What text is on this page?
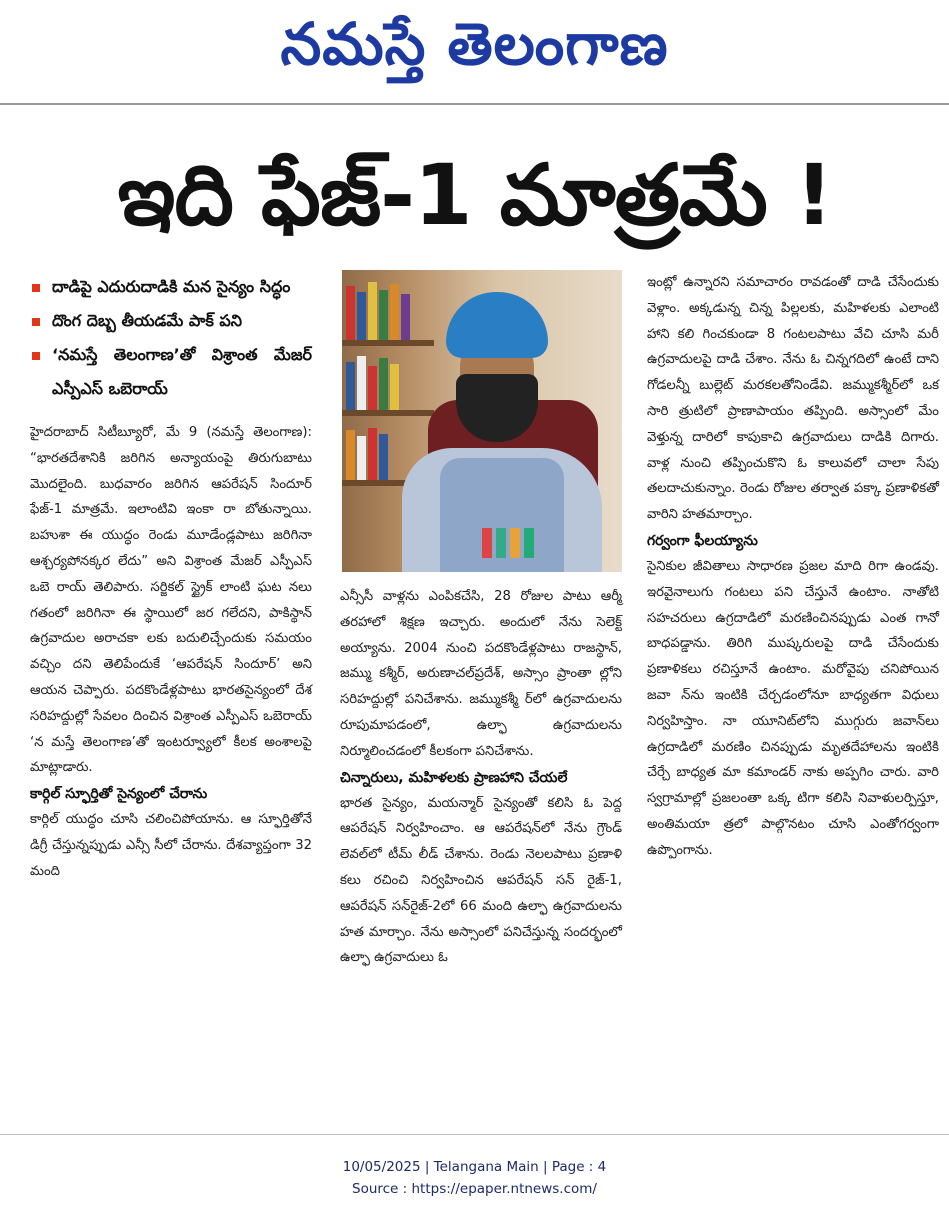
నమస్తే తెలంగాణ
ఇది ఫేజ్-1 మాత్రమే !
దాడిపై ఎదురుదాడికి మన సైన్యం సిద్ధం
దొంగ దెబ్బ తీయడమే పాక్ పని
‘నమస్తే తెలంగాణ’తో విశ్రాంత మేజర్ ఎస్పీఎస్ ఒబెరాయ్

హైదరాబాద్ సిటీబ్యూరో, మే 9 (నమస్తే తెలంగాణ): “భారతదేశానికి జరిగిన అన్యాయంపై తిరుగుబాటు మొదలైంది. బుధవారం జరిగిన ఆపరేషన్ సిందూర్ ఫేజ్-1 మాత్రమే. ఇలాంటివి ఇంకా రా బోతున్నాయి. బహుశా ఈ యుద్ధం రెండు మూడేండ్లపాటు జరిగినా ఆశ్చర్యపోనక్కర లేదు” అని విశ్రాంత మేజర్ ఎస్పీఎస్ ఒబె రాయ్ తెలిపారు. సర్జికల్ స్ట్రైక్ లాంటి ఘట నలు గతంలో జరిగినా ఈ స్థాయిలో జర గలేదని, పాకిస్థాన్ ఉగ్రవాదుల అరాచకా లకు బదులిచ్చేందుకు సమయం వచ్చిం దని తెలిపేందుకే ‘ఆపరేషన్ సిందూర్’ అని ఆయన చెప్పారు. పదకొండేళ్లపాటు భారతసైన్యంలో దేశ సరిహద్దుల్లో సేవలం దించిన విశ్రాంత ఎస్పీఎస్ ఒబెరాయ్ ‘న మస్తే తెలంగాణ’తో ఇంటర్వ్యూలో కీలక అంశాలపై మాట్లాడారు.

కార్గిల్ స్ఫూర్తితో సైన్యంలో చేరాను

కార్గిల్ యుద్ధం చూసి చలించిపోయాను. ఆ స్ఫూర్తితోనే డిగ్రీ చేస్తున్నప్పుడు ఎన్సీ సీలో చేరాను. దేశవ్యాప్తంగా 32 మంది

ఎన్సీసీ వాళ్లను ఎంపికచేసి, 28 రోజుల పాటు ఆర్మీ తరహాలో శిక్షణ ఇచ్చారు. అందులో నేను సెలెక్ట్ అయ్యాను. 2004 నుంచి పదకొండేళ్లపాటు రాజస్థాన్, జమ్ము కశ్మీర్, అరుణాచల్‌ప్రదేశ్, అస్సాం ప్రాంతా ల్లోని సరిహద్దుల్లో పనిచేశాను. జమ్ముకశ్మీ ర్‌లో ఉగ్రవాదులను రూపుమాపడంలో, ఉల్ఫా ఉగ్రవాదులను నిర్మూలించడంలో కీలకంగా పనిచేశాను.

చిన్నారులు, మహిళలకు ప్రాణహాని చేయలే

భారత సైన్యం, మయన్మార్ సైన్యంతో కలిసి ఓ పెద్ద ఆపరేషన్ నిర్వహించాం. ఆ ఆపరేషన్‌లో నేను గ్రౌండ్ లెవల్‌లో టీమ్ లీడ్ చేశాను. రెండు నెలలపాటు ప్రణాళి కలు రచించి నిర్వహించిన ఆపరేషన్ సన్ రైజ్-1, ఆపరేషన్ సన్‌రైజ్-2లో 66 మంది ఉల్ఫా ఉగ్రవాదులను హత మార్చాం. నేను అస్సాంలో పనిచేస్తున్న సందర్భంలో ఉల్ఫా ఉగ్రవాదులు ఓ

ఇంట్లో ఉన్నారని సమాచారం రావడంతో దాడి చేసేందుకు వెళ్లాం. అక్కడున్న చిన్న పిల్లలకు, మహిళలకు ఎలాంటి హాని కలి గించకుండా 8 గంటలపాటు వేచి చూసి మరీ ఉగ్రవాదులపై దాడి చేశాం. నేను ఓ చిన్నగదిలో ఉంటే దాని గోడలన్నీ బుల్లెట్ మరకలతోనిండేవి. జమ్ముకశ్మీర్‌లో ఒక సారి త్రుటిలో ప్రాణాపాయం తప్పింది. అస్సాంలో మేం వెళ్తున్న దారిలో కాపుకాచి ఉగ్రవాదులు దాడికి దిగారు. వాళ్ల నుంచి తప్పించుకొని ఓ కాలువలో చాలా సేపు తలదాచుకున్నాం. రెండు రోజుల తర్వాత పక్కా ప్రణాళికతో వారిని హతమార్చాం.

గర్వంగా ఫీలయ్యాను

సైనికుల జీవితాలు సాధారణ ప్రజల మాది రిగా ఉండవు. ఇరవైనాలుగు గంటలు పని చేస్తునే ఉంటాం. నాతోటి సహచరులు ఉగ్రదాడిలో మరణించినప్పుడు ఎంత గానో బాధపడ్డాను. తిరిగి ముష్కరులపై దాడి చేసేందుకు ప్రణాళికలు రచిస్తూనే ఉంటాం. మరోవైపు చనిపోయిన జవా న్‌ను ఇంటికి చేర్చడంలోనూ బాధ్యతగా విధులు నిర్వహిస్తాం. నా యూనిట్‌లోని ముగ్గురు జవాన్‌లు ఉగ్రదాడిలో మరణిం చినప్పుడు మృతదేహాలను ఇంటికి చేర్చే బాధ్యత మా కమాండర్ నాకు అప్పగిం చారు. వారి స్వగ్రామాల్లో ప్రజలంతా ఒక్క టిగా కలిసి నివాళులర్పిస్తూ, అంతిమయా త్రలో పాల్గొనటం చూసి ఎంతోగర్వంగా ఉప్పొంగాను.

10/05/2025 | Telangana Main | Page : 4
Source : https://epaper.ntnews.com/
